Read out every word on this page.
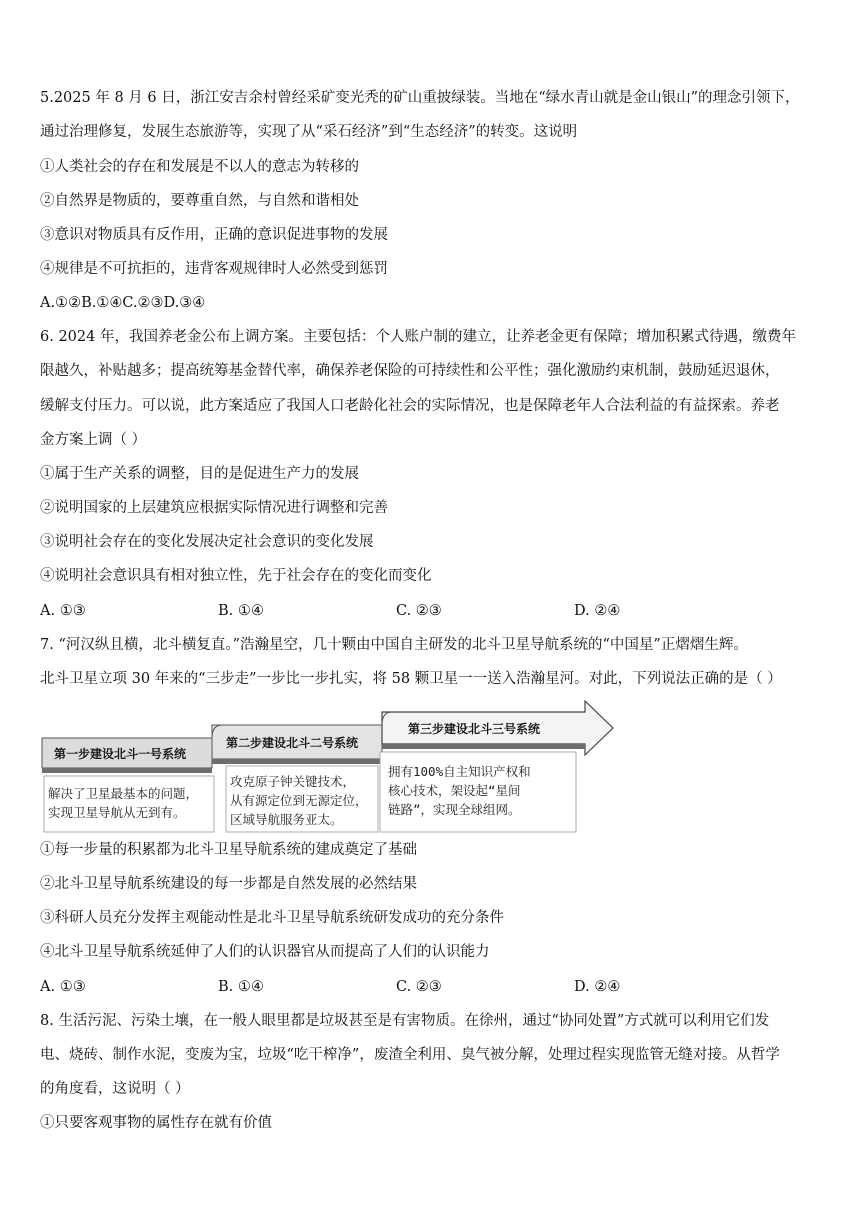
5.2025 年 8 月 6 日，浙江安吉余村曾经采矿变光秃的矿山重披绿装。当地在“绿水青山就是金山银山”的理念引领下，
通过治理修复，发展生态旅游等，实现了从“采石经济”到“生态经济”的转变。这说明
①人类社会的存在和发展是不以人的意志为转移的
②自然界是物质的，要尊重自然，与自然和谐相处
③意识对物质具有反作用，正确的意识促进事物的发展
④规律是不可抗拒的，违背客观规律时人必然受到惩罚
A.①②B.①④C.②③D.③④
6. 2024 年，我国养老金公布上调方案。主要包括：个人账户制的建立，让养老金更有保障；增加积累式待遇，缴费年
限越久，补贴越多；提高统筹基金替代率，确保养老保险的可持续性和公平性；强化激励约束机制，鼓励延迟退休，
缓解支付压力。可以说，此方案适应了我国人口老龄化社会的实际情况，也是保障老年人合法利益的有益探索。养老
金方案上调（ ）
①属于生产关系的调整，目的是促进生产力的发展
②说明国家的上层建筑应根据实际情况进行调整和完善
③说明社会存在的变化发展决定社会意识的变化发展
④说明社会意识具有相对独立性，先于社会存在的变化而变化
A. ①③	B. ①④	C. ②③	D. ②④
7. “河汉纵且横，北斗横复直。”浩瀚星空，几十颗由中国自主研发的北斗卫星导航系统的“中国星”正熠熠生辉。
北斗卫星立项 30 年来的“三步走”一步比一步扎实，将 58 颗卫星一一送入浩瀚星河。对此，下列说法正确的是（ ）
第一步建设北斗一号系统
第二步建设北斗二号系统
第三步建设北斗三号系统
解决了卫星最基本的问题，
实现卫星导航从无到有。
攻克原子钟关键技术，
从有源定位到无源定位，
区域导航服务亚太。
拥有100%自主知识产权和
核心技术，架设起“星间
链路”，实现全球组网。
①每一步量的积累都为北斗卫星导航系统的建成奠定了基础
②北斗卫星导航系统建设的每一步都是自然发展的必然结果
③科研人员充分发挥主观能动性是北斗卫星导航系统研发成功的充分条件
④北斗卫星导航系统延伸了人们的认识器官从而提高了人们的认识能力
A. ①③	B. ①④	C. ②③	D. ②④
8. 生活污泥、污染土壤，在一般人眼里都是垃圾甚至是有害物质。在徐州，通过“协同处置”方式就可以利用它们发
电、烧砖、制作水泥，变废为宝，垃圾“吃干榨净”，废渣全利用、臭气被分解，处理过程实现监管无缝对接。从哲学
的角度看，这说明（ ）
①只要客观事物的属性存在就有价值
